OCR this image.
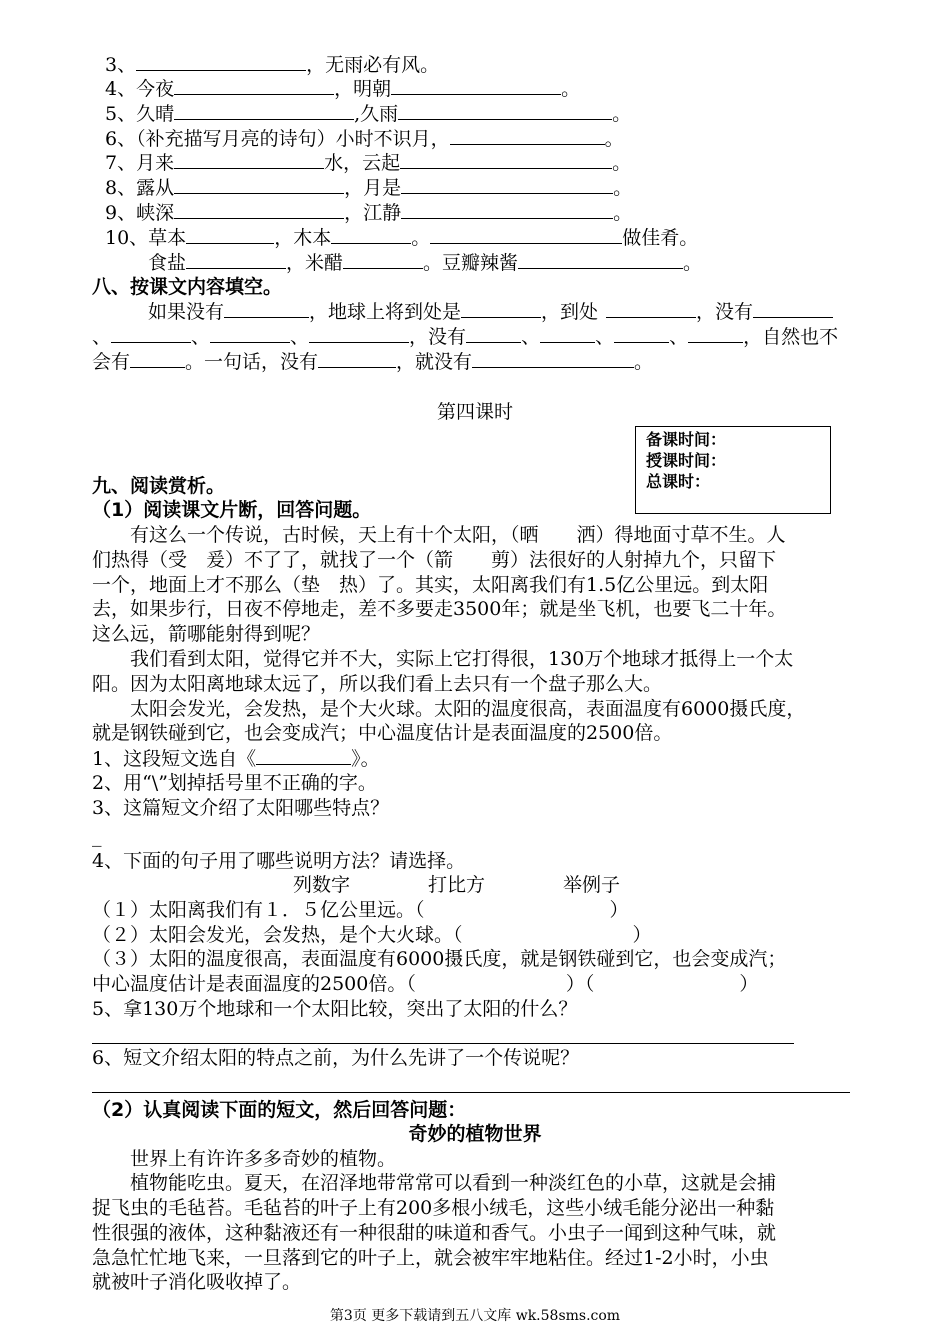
3、	，无雨必有风。
4、今夜	，明朝	。
5、久晴	,久雨	。
6、（补充描写月亮的诗句）小时不识月，	。
7、月来	水，云起	。
8、露从	，月是	。
9、峡深	，江静	。
10、草本	，木本	。	做佳肴。
食盐	，米醋	。豆瓣辣酱	。
八、按课文内容填空。
如果没有	，地球上将到处是	，到处	，没有
、	、	、	，没有	、	、	、	，自然也不
会有	。一句话，没有	，就没有	。
第四课时
备课时间：
授课时间：
总课时：
九、阅读赏析。
（1）阅读课文片断，回答问题。
有这么一个传说，古时候，天上有十个太阳，（晒　　洒）得地面寸草不生。人
们热得（受　爰）不了了，就找了一个（箭　　剪）法很好的人射掉九个，只留下
一个，地面上才不那么（垫　热）了。其实，太阳离我们有1.5亿公里远。到太阳
去，如果步行，日夜不停地走，差不多要走3500年；就是坐飞机，也要飞二十年。
这么远，箭哪能射得到呢？
我们看到太阳，觉得它并不大，实际上它打得很，130万个地球才抵得上一个太
阳。因为太阳离地球太远了，所以我们看上去只有一个盘子那么大。
太阳会发光，会发热，是个大火球。太阳的温度很高，表面温度有6000摄氏度，
就是钢铁碰到它，也会变成汽；中心温度估计是表面温度的2500倍。
1、这段短文选自《	》。
2、用“\”划掉括号里不正确的字。
3、这篇短文介绍了太阳哪些特点？
_
4、下面的句子用了哪些说明方法？请选择。
列数字	打比方	举例子
（１）太阳离我们有１．５亿公里远。（	）
（２）太阳会发光，会发热，是个大火球。（	）
（３）太阳的温度很高，表面温度有6000摄氏度，就是钢铁碰到它，也会变成汽；
中心温度估计是表面温度的2500倍。（	）（	）
5、拿130万个地球和一个太阳比较，突出了太阳的什么？
6、短文介绍太阳的特点之前，为什么先讲了一个传说呢？
（2）认真阅读下面的短文，然后回答问题：
奇妙的植物世界
世界上有许许多多奇妙的植物。
植物能吃虫。夏天，在沼泽地带常常可以看到一种淡红色的小草，这就是会捕
捉飞虫的毛毡苔。毛毡苔的叶子上有200多根小绒毛，这些小绒毛能分泌出一种黏
性很强的液体，这种黏液还有一种很甜的味道和香气。小虫子一闻到这种气味，就
急急忙忙地飞来，一旦落到它的叶子上，就会被牢牢地粘住。经过1-2小时，小虫
就被叶子消化吸收掉了。
第3页 更多下载请到五八文库 wk.58sms.com
